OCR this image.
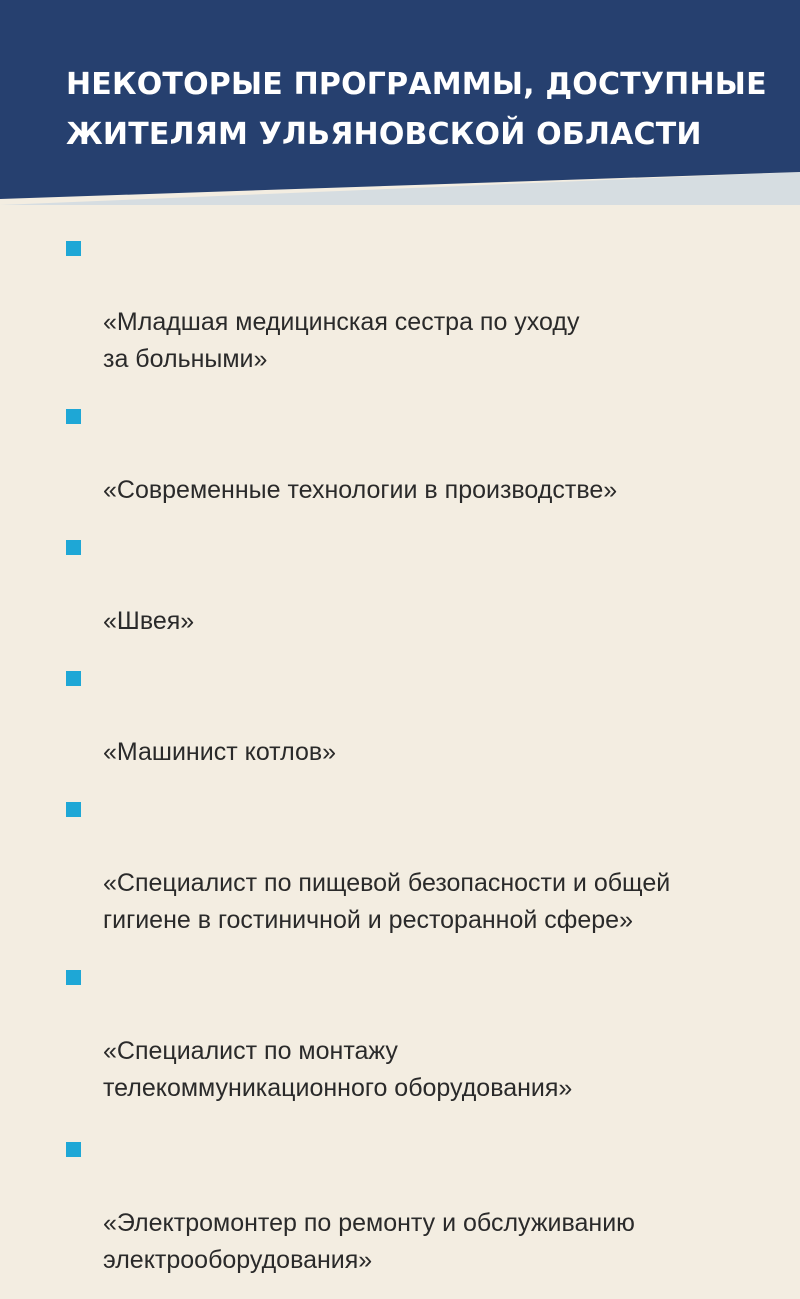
НЕКОТОРЫЕ ПРОГРАММЫ, ДОСТУПНЫЕ
ЖИТЕЛЯМ УЛЬЯНОВСКОЙ ОБЛАСТИ

«Младшая медицинская сестра по уходу
за больными»

«Современные технологии в производстве»

«Швея»

«Машинист котлов»

«Специалист по пищевой безопасности и общей
гигиене в гостиничной и ресторанной сфере»

«Специалист по монтажу
телекоммуникационного оборудования»

«Электромонтер по ремонту и обслуживанию
электрооборудования»
